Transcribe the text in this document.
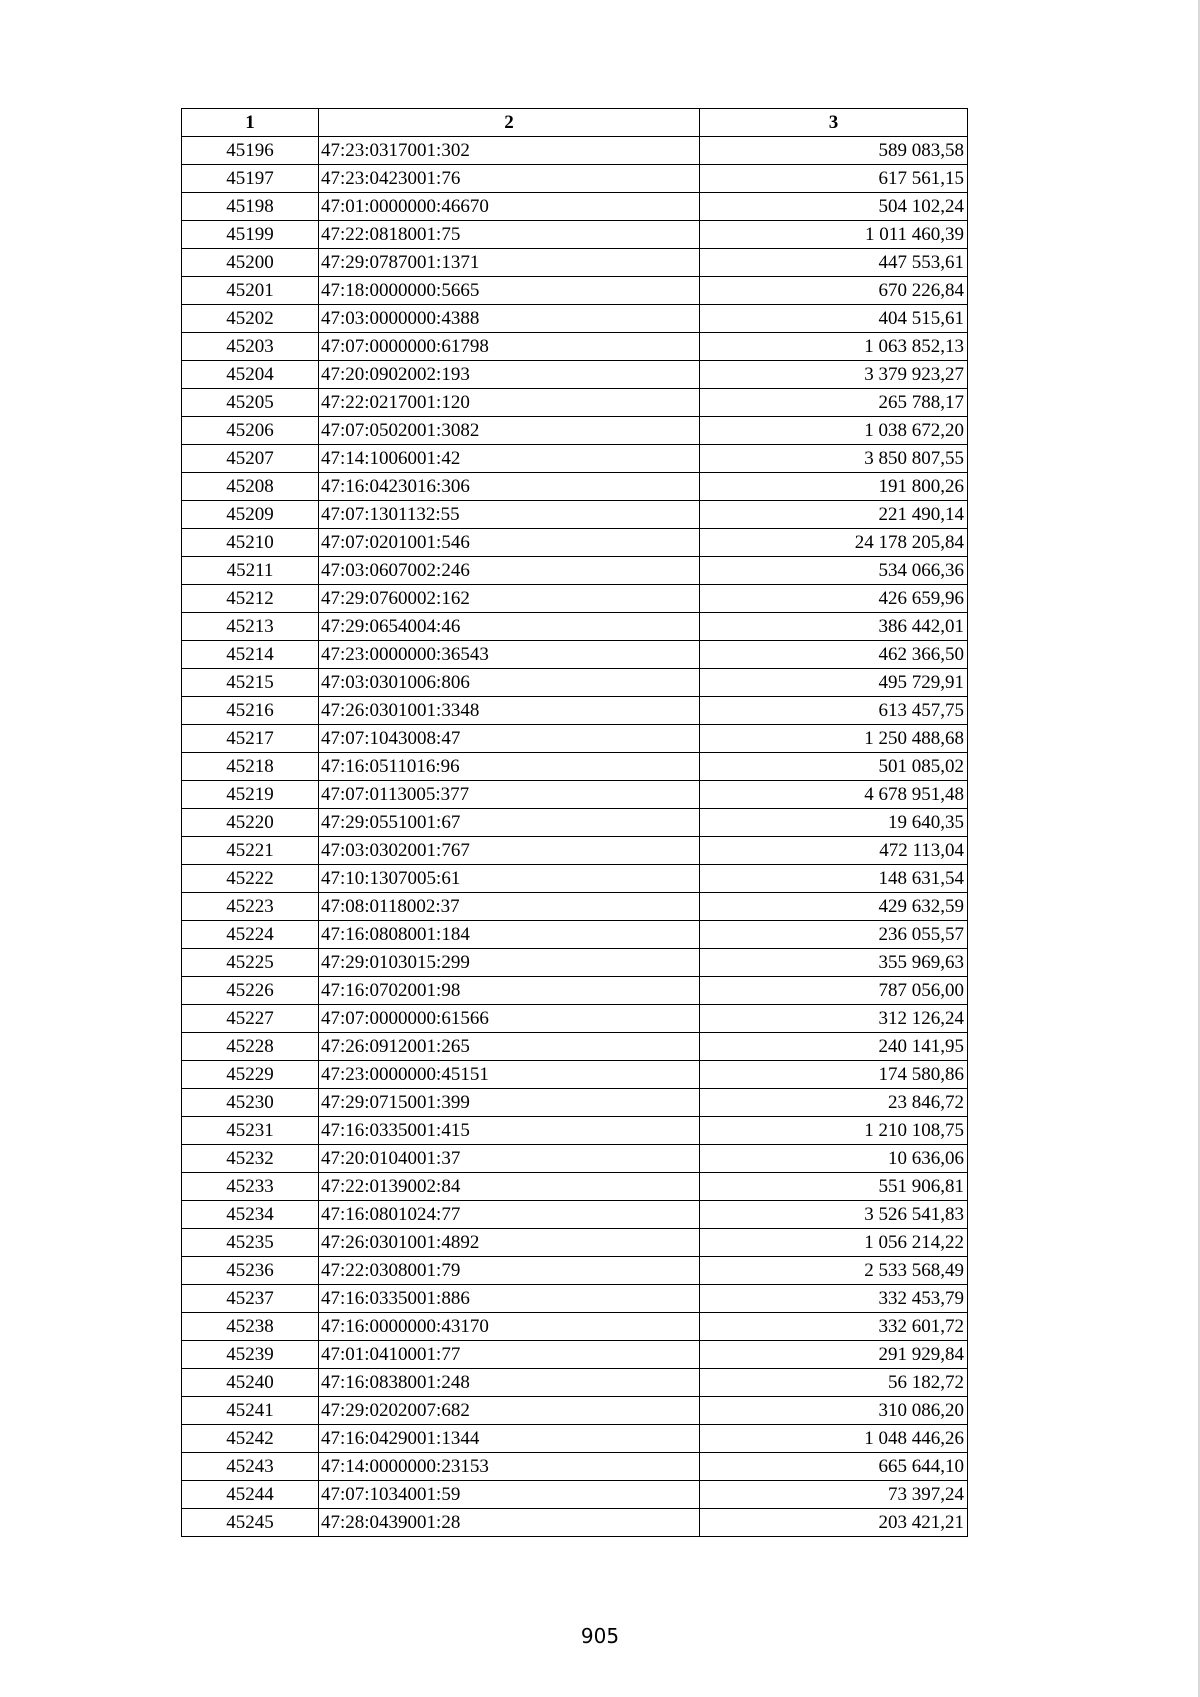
1	2	3
45196	47:23:0317001:302	589 083,58
45197	47:23:0423001:76	617 561,15
45198	47:01:0000000:46670	504 102,24
45199	47:22:0818001:75	1 011 460,39
45200	47:29:0787001:1371	447 553,61
45201	47:18:0000000:5665	670 226,84
45202	47:03:0000000:4388	404 515,61
45203	47:07:0000000:61798	1 063 852,13
45204	47:20:0902002:193	3 379 923,27
45205	47:22:0217001:120	265 788,17
45206	47:07:0502001:3082	1 038 672,20
45207	47:14:1006001:42	3 850 807,55
45208	47:16:0423016:306	191 800,26
45209	47:07:1301132:55	221 490,14
45210	47:07:0201001:546	24 178 205,84
45211	47:03:0607002:246	534 066,36
45212	47:29:0760002:162	426 659,96
45213	47:29:0654004:46	386 442,01
45214	47:23:0000000:36543	462 366,50
45215	47:03:0301006:806	495 729,91
45216	47:26:0301001:3348	613 457,75
45217	47:07:1043008:47	1 250 488,68
45218	47:16:0511016:96	501 085,02
45219	47:07:0113005:377	4 678 951,48
45220	47:29:0551001:67	19 640,35
45221	47:03:0302001:767	472 113,04
45222	47:10:1307005:61	148 631,54
45223	47:08:0118002:37	429 632,59
45224	47:16:0808001:184	236 055,57
45225	47:29:0103015:299	355 969,63
45226	47:16:0702001:98	787 056,00
45227	47:07:0000000:61566	312 126,24
45228	47:26:0912001:265	240 141,95
45229	47:23:0000000:45151	174 580,86
45230	47:29:0715001:399	23 846,72
45231	47:16:0335001:415	1 210 108,75
45232	47:20:0104001:37	10 636,06
45233	47:22:0139002:84	551 906,81
45234	47:16:0801024:77	3 526 541,83
45235	47:26:0301001:4892	1 056 214,22
45236	47:22:0308001:79	2 533 568,49
45237	47:16:0335001:886	332 453,79
45238	47:16:0000000:43170	332 601,72
45239	47:01:0410001:77	291 929,84
45240	47:16:0838001:248	56 182,72
45241	47:29:0202007:682	310 086,20
45242	47:16:0429001:1344	1 048 446,26
45243	47:14:0000000:23153	665 644,10
45244	47:07:1034001:59	73 397,24
45245	47:28:0439001:28	203 421,21
905
